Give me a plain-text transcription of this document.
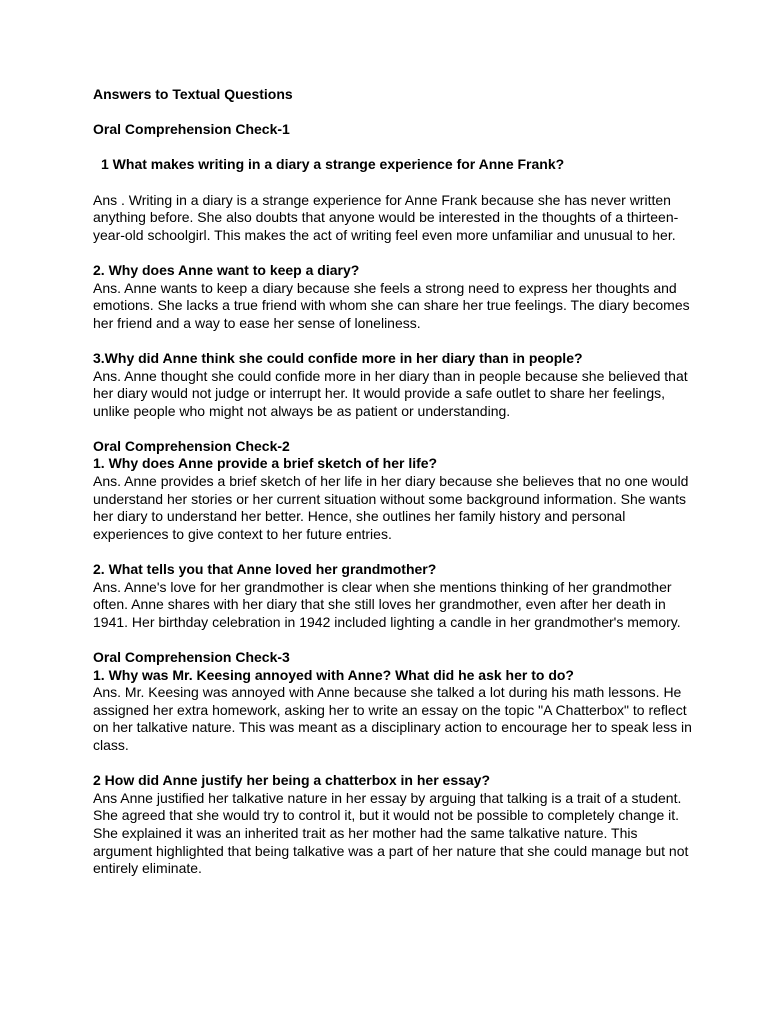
Answers to Textual Questions

Oral Comprehension Check-1

1 What makes writing in a diary a strange experience for Anne Frank?

Ans . Writing in a diary is a strange experience for Anne Frank because she has never written anything before. She also doubts that anyone would be interested in the thoughts of a thirteen-year-old schoolgirl. This makes the act of writing feel even more unfamiliar and unusual to her.

2. Why does Anne want to keep a diary?

Ans. Anne wants to keep a diary because she feels a strong need to express her thoughts and emotions. She lacks a true friend with whom she can share her true feelings. The diary becomes her friend and a way to ease her sense of loneliness.

3.Why did Anne think she could confide more in her diary than in people?

Ans. Anne thought she could confide more in her diary than in people because she believed that her diary would not judge or interrupt her. It would provide a safe outlet to share her feelings, unlike people who might not always be as patient or understanding.

Oral Comprehension Check-2

1. Why does Anne provide a brief sketch of her life?

Ans. Anne provides a brief sketch of her life in her diary because she believes that no one would understand her stories or her current situation without some background information. She wants her diary to understand her better. Hence, she outlines her family history and personal experiences to give context to her future entries.

2. What tells you that Anne loved her grandmother?

Ans. Anne's love for her grandmother is clear when she mentions thinking of her grandmother often. Anne shares with her diary that she still loves her grandmother, even after her death in 1941. Her birthday celebration in 1942 included lighting a candle in her grandmother's memory.

Oral Comprehension Check-3

1. Why was Mr. Keesing annoyed with Anne? What did he ask her to do?

Ans. Mr. Keesing was annoyed with Anne because she talked a lot during his math lessons. He assigned her extra homework, asking her to write an essay on the topic "A Chatterbox" to reflect on her talkative nature. This was meant as a disciplinary action to encourage her to speak less in class.

2 How did Anne justify her being a chatterbox in her essay?

Ans Anne justified her talkative nature in her essay by arguing that talking is a trait of a student. She agreed that she would try to control it, but it would not be possible to completely change it. She explained it was an inherited trait as her mother had the same talkative nature. This argument highlighted that being talkative was a part of her nature that she could manage but not entirely eliminate.
